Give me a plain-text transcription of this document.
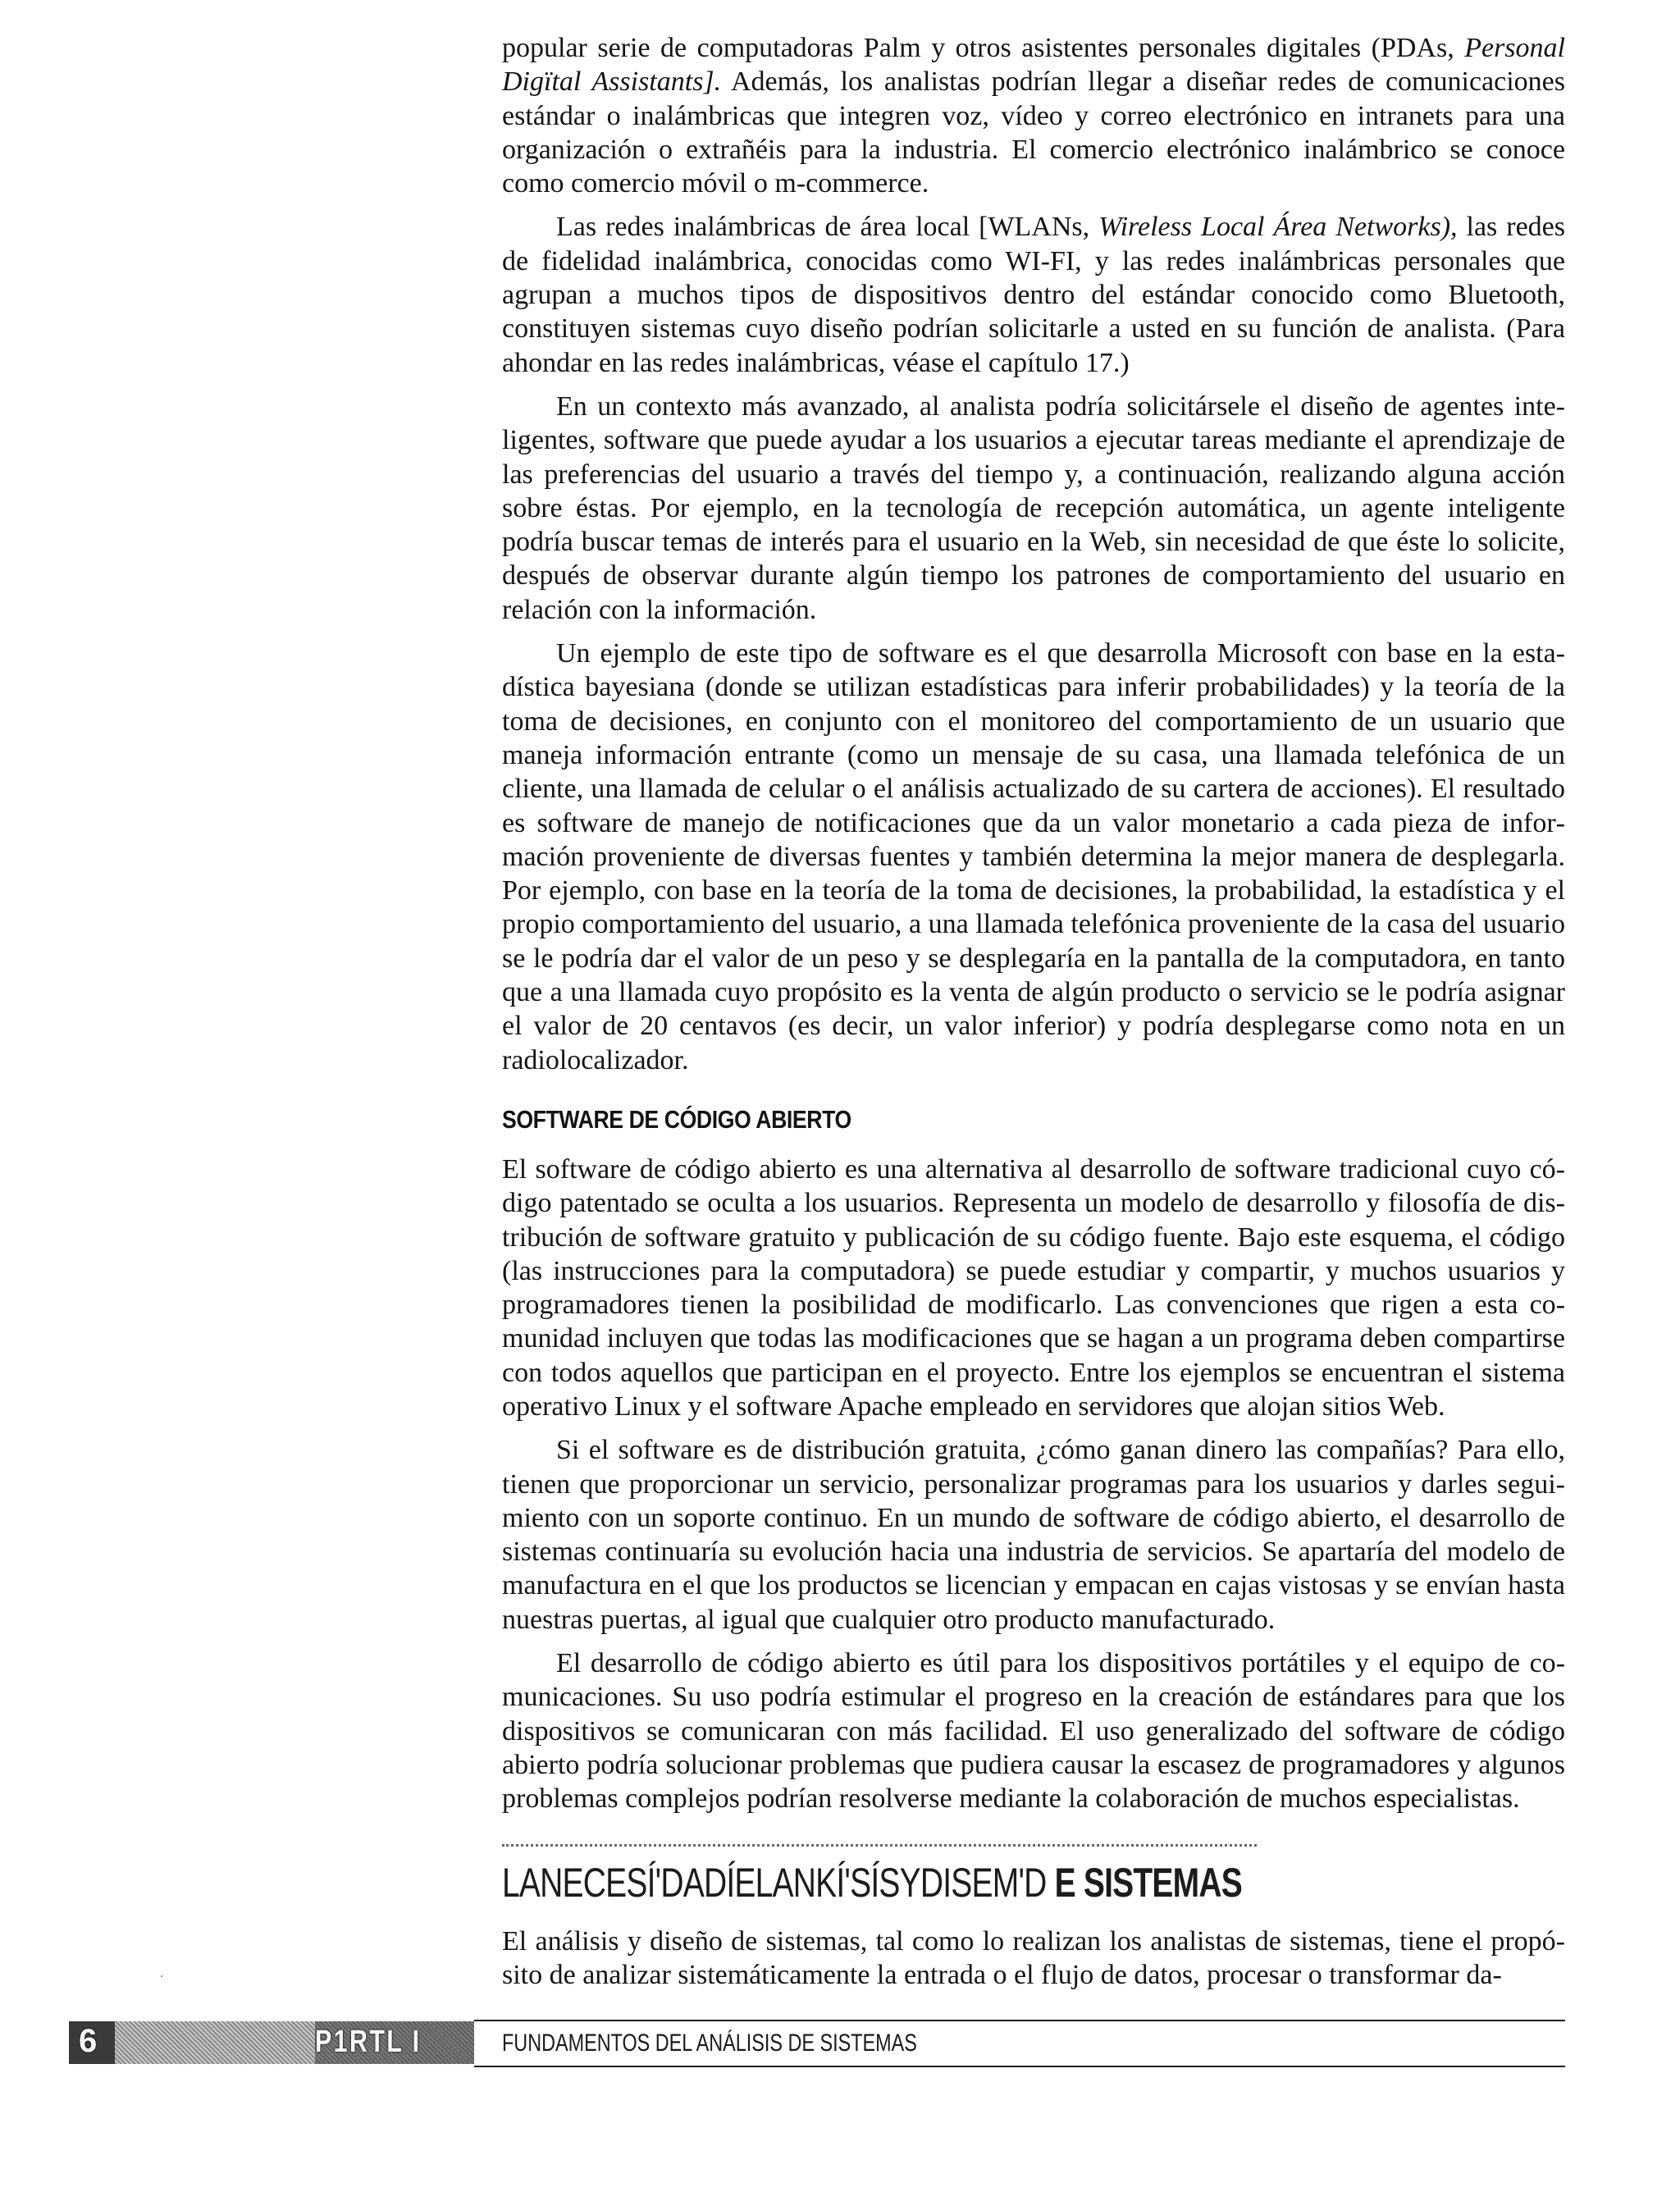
popular serie de computadoras Palm y otros asistentes personales digitales (PDAs, Personal Digïtal Assistants]. Además, los analistas podrían llegar a diseñar redes de comunicaciones estándar o inalámbricas que integren voz, vídeo y correo electrónico en intranets para una organización o extrañéis para la industria. El comercio electrónico inalámbrico se conoce como comercio móvil o m-commerce.

Las redes inalámbricas de área local [WLANs, Wireless Local Área Networks), las redes de fidelidad inalámbrica, conocidas como WI-FI, y las redes inalámbricas personales que agrupan a muchos tipos de dispositivos dentro del estándar conocido como Bluetooth, constituyen sistemas cuyo diseño podrían solicitarle a usted en su función de analista. (Para ahondar en las redes inalámbricas, véase el capítulo 17.)

En un contexto más avanzado, al analista podría solicitársele el diseño de agentes inteligentes, software que puede ayudar a los usuarios a ejecutar tareas mediante el aprendizaje de las preferencias del usuario a través del tiempo y, a continuación, realizando alguna acción sobre éstas. Por ejemplo, en la tecnología de recepción automática, un agente inteligente podría buscar temas de interés para el usuario en la Web, sin necesidad de que éste lo solicite, después de observar durante algún tiempo los patrones de comportamiento del usuario en relación con la información.

Un ejemplo de este tipo de software es el que desarrolla Microsoft con base en la estadística bayesiana (donde se utilizan estadísticas para inferir probabilidades) y la teoría de la toma de decisiones, en conjunto con el monitoreo del comportamiento de un usuario que maneja información entrante (como un mensaje de su casa, una llamada telefónica de un cliente, una llamada de celular o el análisis actualizado de su cartera de acciones). El resultado es software de manejo de notificaciones que da un valor monetario a cada pieza de información proveniente de diversas fuentes y también determina la mejor manera de desplegarla. Por ejemplo, con base en la teoría de la toma de decisiones, la probabilidad, la estadística y el propio comportamiento del usuario, a una llamada telefónica proveniente de la casa del usuario se le podría dar el valor de un peso y se desplegaría en la pantalla de la computadora, en tanto que a una llamada cuyo propósito es la venta de algún producto o servicio se le podría asignar el valor de 20 centavos (es decir, un valor inferior) y podría desplegarse como nota en un radiolocalizador.

SOFTWARE DE CÓDIGO ABIERTO

El software de código abierto es una alternativa al desarrollo de software tradicional cuyo código patentado se oculta a los usuarios. Representa un modelo de desarrollo y filosofía de distribución de software gratuito y publicación de su código fuente. Bajo este esquema, el código (las instrucciones para la computadora) se puede estudiar y compartir, y muchos usuarios y programadores tienen la posibilidad de modificarlo. Las convenciones que rigen a esta comunidad incluyen que todas las modificaciones que se hagan a un programa deben compartirse con todos aquellos que participan en el proyecto. Entre los ejemplos se encuentran el sistema operativo Linux y el software Apache empleado en servidores que alojan sitios Web.

Si el software es de distribución gratuita, ¿cómo ganan dinero las compañías? Para ello, tienen que proporcionar un servicio, personalizar programas para los usuarios y darles seguimiento con un soporte continuo. En un mundo de software de código abierto, el desarrollo de sistemas continuaría su evolución hacia una industria de servicios. Se apartaría del modelo de manufactura en el que los productos se licencian y empacan en cajas vistosas y se envían hasta nuestras puertas, al igual que cualquier otro producto manufacturado.

El desarrollo de código abierto es útil para los dispositivos portátiles y el equipo de comunicaciones. Su uso podría estimular el progreso en la creación de estándares para que los dispositivos se comunicaran con más facilidad. El uso generalizado del software de código abierto podría solucionar problemas que pudiera causar la escasez de programadores y algunos problemas complejos podrían resolverse mediante la colaboración de muchos especialistas.

LANECESÍ'DADÍELANKÍ'SÍSYDISEM'D E SISTEMAS

El análisis y diseño de sistemas, tal como lo realizan los analistas de sistemas, tiene el propósito de analizar sistemáticamente la entrada o el flujo de datos, procesar o transformar da-

6	P1RTL I	FUNDAMENTOS DEL ANÁLISIS DE SISTEMAS
